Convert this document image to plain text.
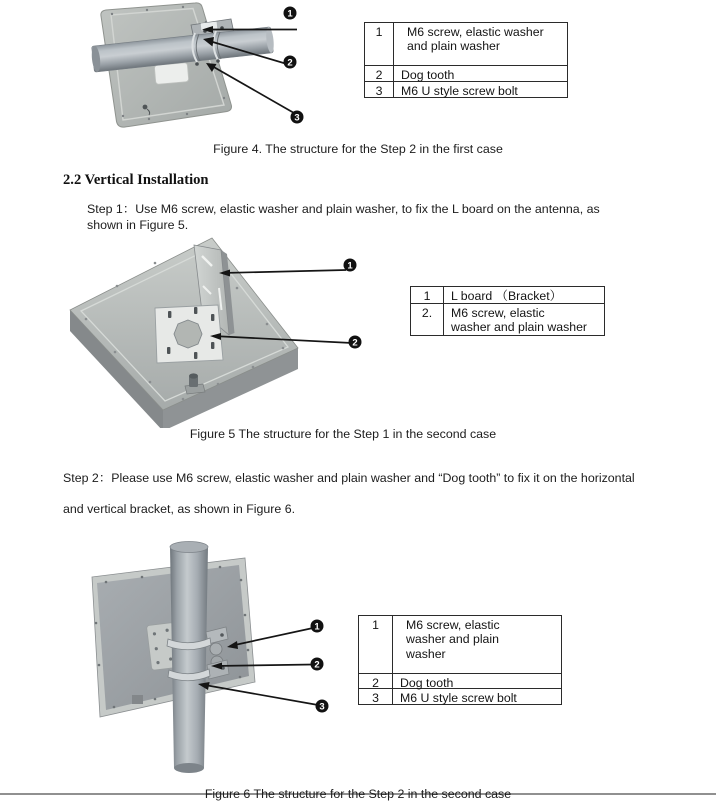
1
2
3
1	M6 screw, elastic washer
and plain washer
2	Dog tooth
3	M6 U style screw bolt
Figure 4. The structure for the Step 2 in the first case
2.2 Vertical Installation
Step 1：Use M6 screw, elastic washer and plain washer, to fix the L board on the antenna, as
shown in Figure 5.
1
2
1	L board （Bracket）
2.	M6 screw, elastic
washer and plain washer
Figure 5 The structure for the Step 1 in the second case
Step 2：Please use M6 screw, elastic washer and plain washer and “Dog tooth” to fix it on the horizontal
and vertical bracket, as shown in Figure 6.
1
2
3
1	M6 screw, elastic
washer and plain
washer
2	Dog tooth
3	M6 U style screw bolt
Figure 6 The structure for the Step 2 in the second case
